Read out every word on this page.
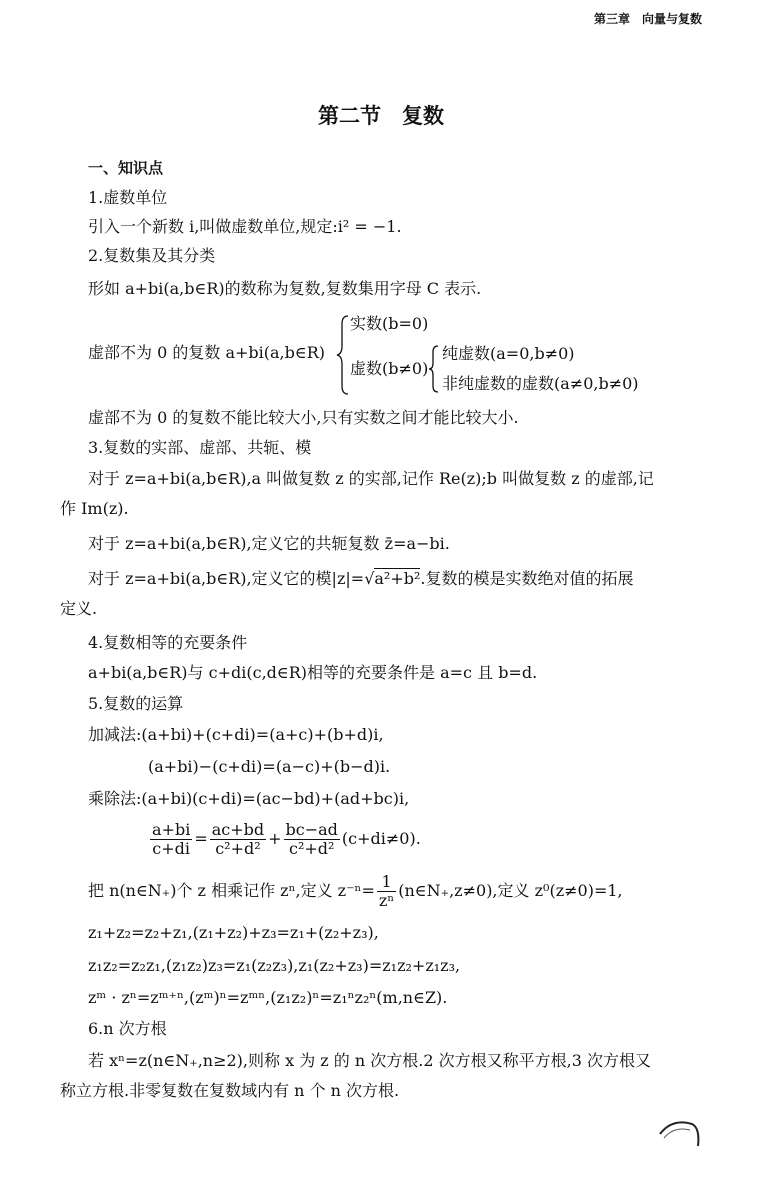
第三章　向量与复数
第二节　复数
一、知识点
1.虚数单位
引入一个新数 i,叫做虚数单位,规定:i² = −1.
2.复数集及其分类
形如 a+bi(a,b∈R)的数称为复数,复数集用字母 C 表示.
虚部不为 0 的复数 a+bi(a,b∈R)
实数(b=0)
虚数(b≠0)
纯虚数(a=0,b≠0)
非纯虚数的虚数(a≠0,b≠0)
虚部不为 0 的复数不能比较大小,只有实数之间才能比较大小.
3.复数的实部、虚部、共轭、模
对于 z=a+bi(a,b∈R),a 叫做复数 z 的实部,记作 Re(z);b 叫做复数 z 的虚部,记
作 Im(z).
对于 z=a+bi(a,b∈R),定义它的共轭复数 z̄=a−bi.
对于 z=a+bi(a,b∈R),定义它的模|z|=√a²+b².复数的模是实数绝对值的拓展
定义.
4.复数相等的充要条件
a+bi(a,b∈R)与 c+di(c,d∈R)相等的充要条件是 a=c 且 b=d.
5.复数的运算
加减法:(a+bi)+(c+di)=(a+c)+(b+d)i,
(a+bi)−(c+di)=(a−c)+(b−d)i.
乘除法:(a+bi)(c+di)=(ac−bd)+(ad+bc)i,
$\frac{a+bi}{c+di} = \frac{ac+bd}{\text{c²+d²}} + \frac{bc-ad}{\text{c²+d²}} (c+di\ne 0)$.
把 n(n∈N₊)个 z 相乘记作 zⁿ,定义 $z^{-n}= \frac{1}{\text{zⁿ}}$ (n∈N₊,z≠0),定义 z⁰(z≠0)=1,
z₁+z₂=z₂+z₁,(z₁+z₂)+z₃=z₁+(z₂+z₃),
z₁z₂=z₂z₁,(z₁z₂)z₃=z₁(z₂z₃),z₁(z₂+z₃)=z₁z₂+z₁z₃,
zᵐ · zⁿ=zᵐ⁺ⁿ,(zᵐ)ⁿ=zᵐⁿ,(z₁z₂)ⁿ=z₁ⁿz₂ⁿ(m,n∈Z).
6.n 次方根
若 xⁿ=z(n∈N₊,n≥2),则称 x 为 z 的 n 次方根.2 次方根又称平方根,3 次方根又
称立方根.非零复数在复数域内有 n 个 n 次方根.
